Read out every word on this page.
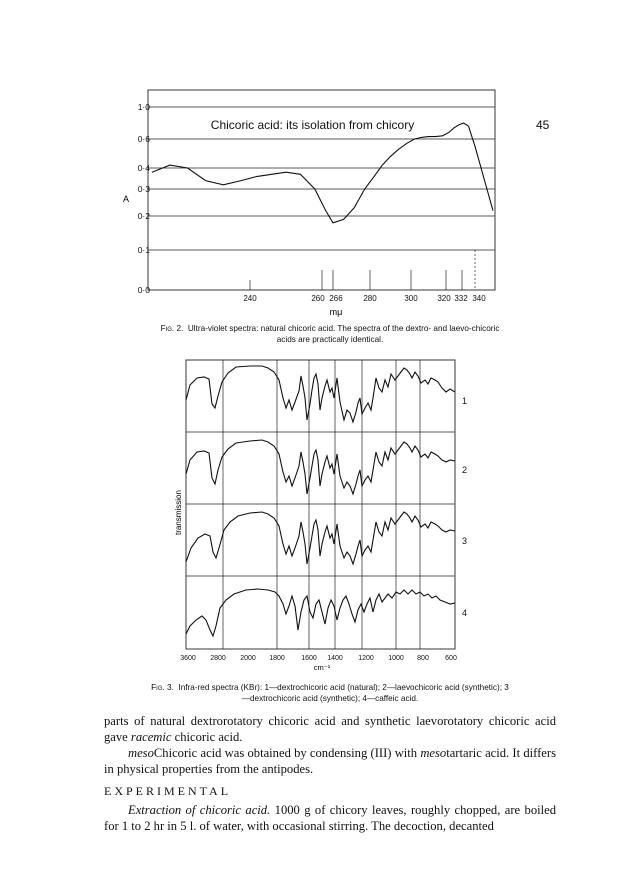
Chicoric acid: its isolation from chicory	45
1·0
0·6
0·4
0·3
0·2
0·1
0·0
A
240	260 266	280	300 320 332 340
mμ
Fig. 2. Ultra-violet spectra: natural chicoric acid. The spectra of the dextro- and laevo-chicoric acids are practically identical.
1
2
3
4
transmission
3600 2800 2000 1800 1600 1400 1200 1000 800 600
cm⁻¹
Fig. 3. Infra-red spectra (KBr): 1—dextrochicoric acid (natural); 2—laevochicoric acid (synthetic); 3—dextrochicoric acid (synthetic); 4—caffeic acid.

parts of natural dextrorotatory chicoric acid and synthetic laevorotatory chicoric acid gave racemic chicoric acid.

mesoChicoric acid was obtained by condensing (III) with mesotartaric acid. It differs in physical properties from the antipodes.

EXPERIMENTAL

Extraction of chicoric acid. 1000 g of chicory leaves, roughly chopped, are boiled for 1 to 2 hr in 5 l. of water, with occasional stirring. The decoction, decanted
